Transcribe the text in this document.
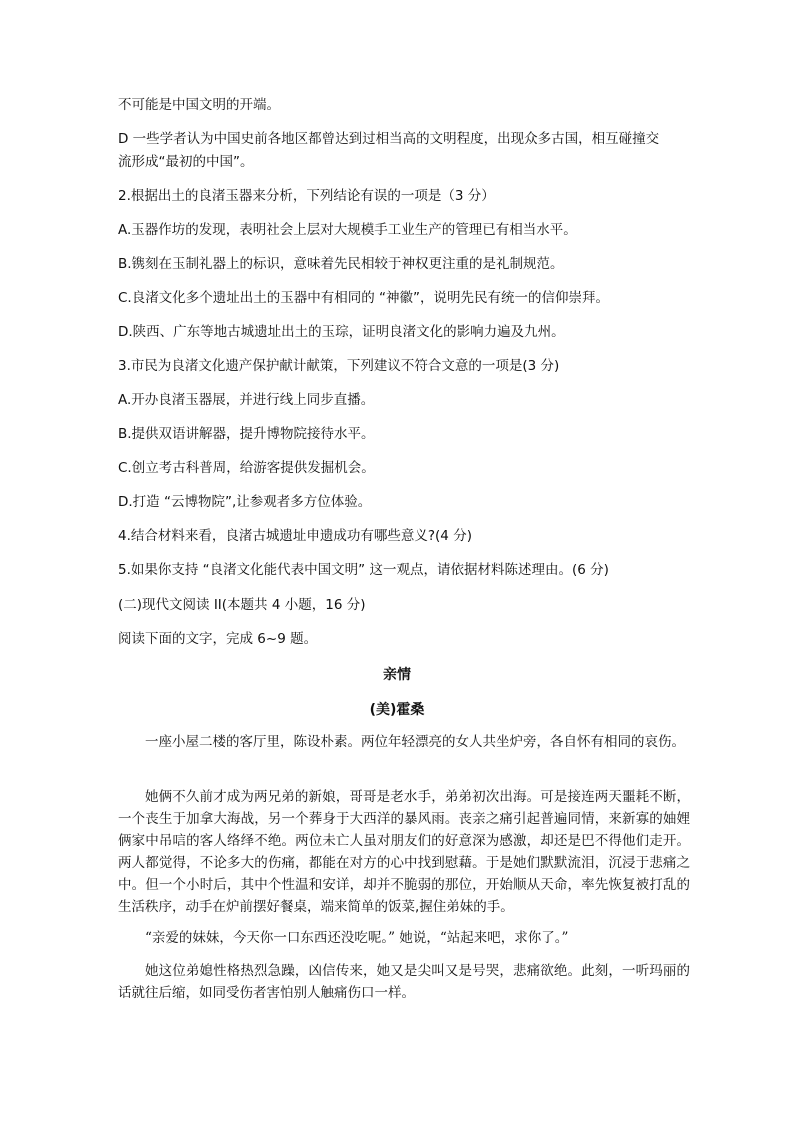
不可能是中国文明的开端。
D 一些学者认为中国史前各地区都曾达到过相当高的文明程度，出现众多古国，相互碰撞交
流形成“最初的中国”。
2.根据出土的良渚玉器来分析，下列结论有误的一项是（3 分）
A.玉器作坊的发现，表明社会上层对大规模手工业生产的管理已有相当水平。
B.镌刻在玉制礼器上的标识，意味着先民相较于神权更注重的是礼制规范。
C.良渚文化多个遗址出土的玉器中有相同的 “神徽”，说明先民有统一的信仰崇拜。
D.陕西、广东等地古城遗址出土的玉琮，证明良渚文化的影响力遍及九州。
3.市民为良渚文化遗产保护献计献策，下列建议不符合文意的一项是(3 分)
A.开办良渚玉器展，并进行线上同步直播。
B.提供双语讲解器，提升博物院接待水平。
C.创立考古科普周，给游客提供发掘机会。
D.打造 “云博物院”,让参观者多方位体验。
4.结合材料来看，良渚古城遗址申遗成功有哪些意义?(4 分)
5.如果你支持 “良渚文化能代表中国文明” 这一观点，请依据材料陈述理由。(6 分)
(二)现代文阅读 II(本题共 4 小题，16 分)
阅读下面的文字，完成 6~9 题。
亲情
(美)霍桑
一座小屋二楼的客厅里，陈设朴素。两位年轻漂亮的女人共坐炉旁，各自怀有相同的哀伤。
她俩不久前才成为两兄弟的新娘，哥哥是老水手，弟弟初次出海。可是接连两天噩耗不断，一个丧生于加拿大海战，另一个葬身于大西洋的暴风雨。丧亲之痛引起普遍同情，来新寡的妯娌俩家中吊唁的客人络绎不绝。两位未亡人虽对朋友们的好意深为感激，却还是巴不得他们走开。两人都觉得，不论多大的伤痛，都能在对方的心中找到慰藉。于是她们默默流泪，沉浸于悲痛之中。但一个小时后，其中个性温和安详，却并不脆弱的那位，开始顺从天命，率先恢复被打乱的生活秩序，动手在炉前摆好餐桌，端来简单的饭菜,握住弟妹的手。
“亲爱的妹妹，今天你一口东西还没吃呢。” 她说，“站起来吧，求你了。”
她这位弟媳性格热烈急躁，凶信传来，她又是尖叫又是号哭，悲痛欲绝。此刻，一听玛丽的话就往后缩，如同受伤者害怕别人触痛伤口一样。
